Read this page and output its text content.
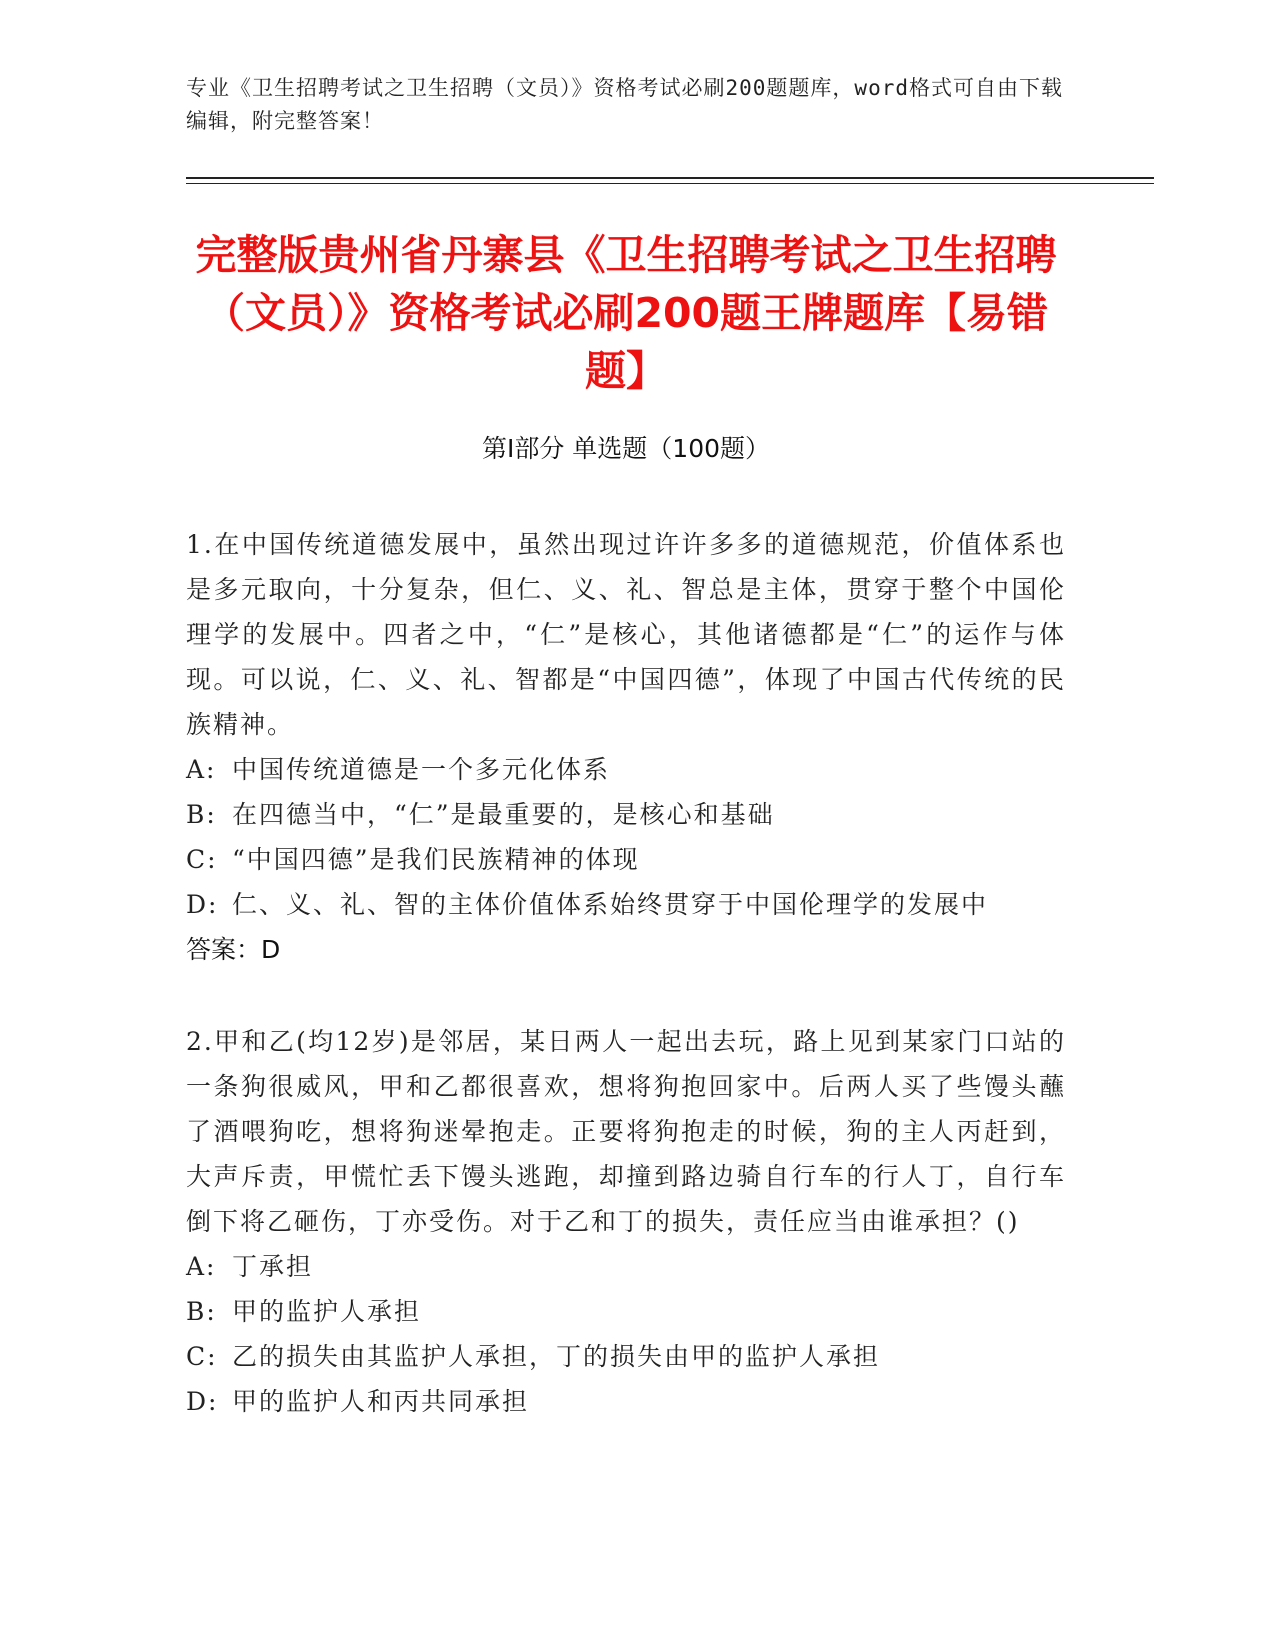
专业《卫生招聘考试之卫生招聘（文员）》资格考试必刷200题题库，word格式可自由下载编辑，附完整答案！
完整版贵州省丹寨县《卫生招聘考试之卫生招聘（文员）》资格考试必刷200题王牌题库【易错题】
第Ⅰ部分 单选题（100题）
1.在中国传统道德发展中，虽然出现过许许多多的道德规范，价值体系也是多元取向，十分复杂，但仁、义、礼、智总是主体，贯穿于整个中国伦理学的发展中。四者之中，“仁”是核心，其他诸德都是“仁”的运作与体现。可以说，仁、义、礼、智都是“中国四德”，体现了中国古代传统的民族精神。
A: 中国传统道德是一个多元化体系
B: 在四德当中，“仁”是最重要的，是核心和基础
C: “中国四德”是我们民族精神的体现
D: 仁、义、礼、智的主体价值体系始终贯穿于中国伦理学的发展中
答案：D
2.甲和乙(均12岁)是邻居，某日两人一起出去玩，路上见到某家门口站的一条狗很威风，甲和乙都很喜欢，想将狗抱回家中。后两人买了些馒头蘸了酒喂狗吃，想将狗迷晕抱走。正要将狗抱走的时候，狗的主人丙赶到，大声斥责，甲慌忙丢下馒头逃跑，却撞到路边骑自行车的行人丁，自行车倒下将乙砸伤，丁亦受伤。对于乙和丁的损失，责任应当由谁承担？()
A: 丁承担
B: 甲的监护人承担
C: 乙的损失由其监护人承担，丁的损失由甲的监护人承担
D: 甲的监护人和丙共同承担
